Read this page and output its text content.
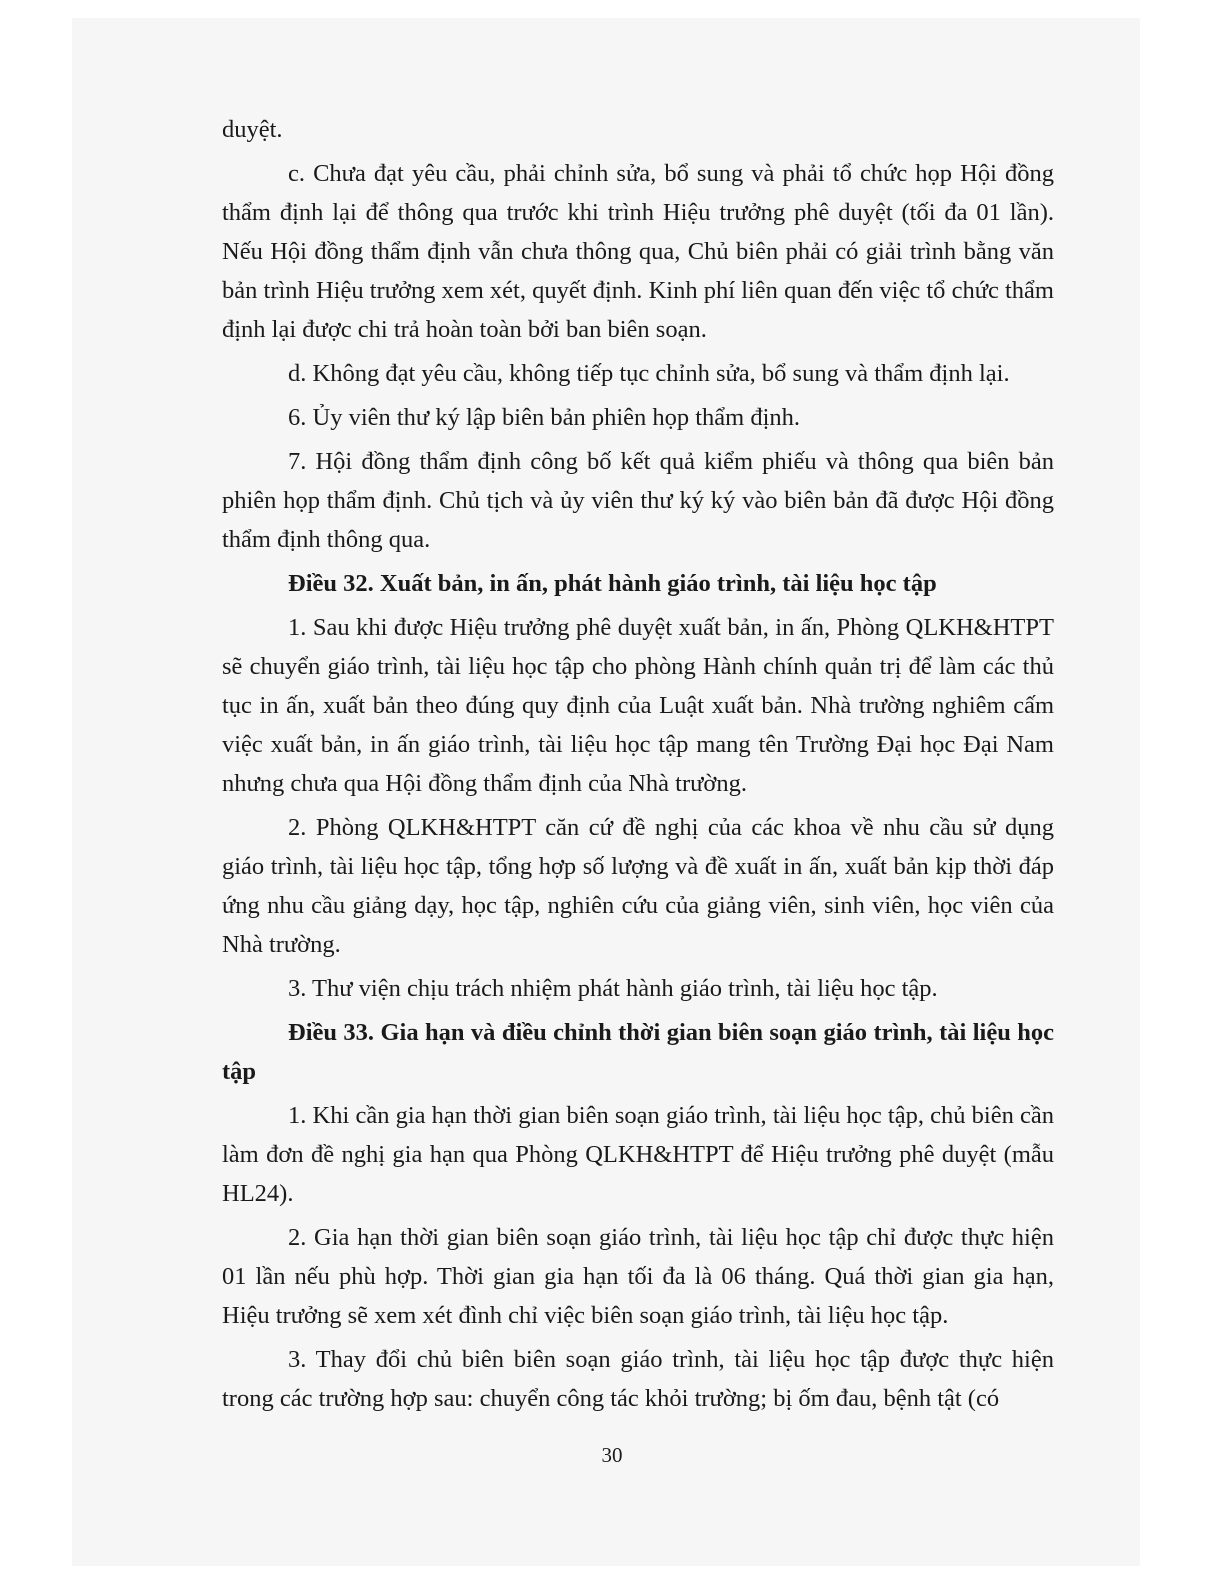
duyệt.

c. Chưa đạt yêu cầu, phải chỉnh sửa, bổ sung và phải tổ chức họp Hội đồng thẩm định lại để thông qua trước khi trình Hiệu trưởng phê duyệt (tối đa 01 lần). Nếu Hội đồng thẩm định vẫn chưa thông qua, Chủ biên phải có giải trình bằng văn bản trình Hiệu trưởng xem xét, quyết định. Kinh phí liên quan đến việc tổ chức thẩm định lại được chi trả hoàn toàn bởi ban biên soạn.

d. Không đạt yêu cầu, không tiếp tục chỉnh sửa, bổ sung và thẩm định lại.

6. Ủy viên thư ký lập biên bản phiên họp thẩm định.

7. Hội đồng thẩm định công bố kết quả kiểm phiếu và thông qua biên bản phiên họp thẩm định. Chủ tịch và ủy viên thư ký ký vào biên bản đã được Hội đồng thẩm định thông qua.

Điều 32. Xuất bản, in ấn, phát hành giáo trình, tài liệu học tập

1. Sau khi được Hiệu trưởng phê duyệt xuất bản, in ấn, Phòng QLKH&HTPT sẽ chuyển giáo trình, tài liệu học tập cho phòng Hành chính quản trị để làm các thủ tục in ấn, xuất bản theo đúng quy định của Luật xuất bản. Nhà trường nghiêm cấm việc xuất bản, in ấn giáo trình, tài liệu học tập mang tên Trường Đại học Đại Nam nhưng chưa qua Hội đồng thẩm định của Nhà trường.

2. Phòng QLKH&HTPT căn cứ đề nghị của các khoa về nhu cầu sử dụng giáo trình, tài liệu học tập, tổng hợp số lượng và đề xuất in ấn, xuất bản kịp thời đáp ứng nhu cầu giảng dạy, học tập, nghiên cứu của giảng viên, sinh viên, học viên của Nhà trường.

3. Thư viện chịu trách nhiệm phát hành giáo trình, tài liệu học tập.

Điều 33. Gia hạn và điều chỉnh thời gian biên soạn giáo trình, tài liệu học tập

1. Khi cần gia hạn thời gian biên soạn giáo trình, tài liệu học tập, chủ biên cần làm đơn đề nghị gia hạn qua Phòng QLKH&HTPT để Hiệu trưởng phê duyệt (mẫu HL24).

2. Gia hạn thời gian biên soạn giáo trình, tài liệu học tập chỉ được thực hiện 01 lần nếu phù hợp. Thời gian gia hạn tối đa là 06 tháng. Quá thời gian gia hạn, Hiệu trưởng sẽ xem xét đình chỉ việc biên soạn giáo trình, tài liệu học tập.

3. Thay đổi chủ biên biên soạn giáo trình, tài liệu học tập được thực hiện trong các trường hợp sau: chuyển công tác khỏi trường; bị ốm đau, bệnh tật (có

30
